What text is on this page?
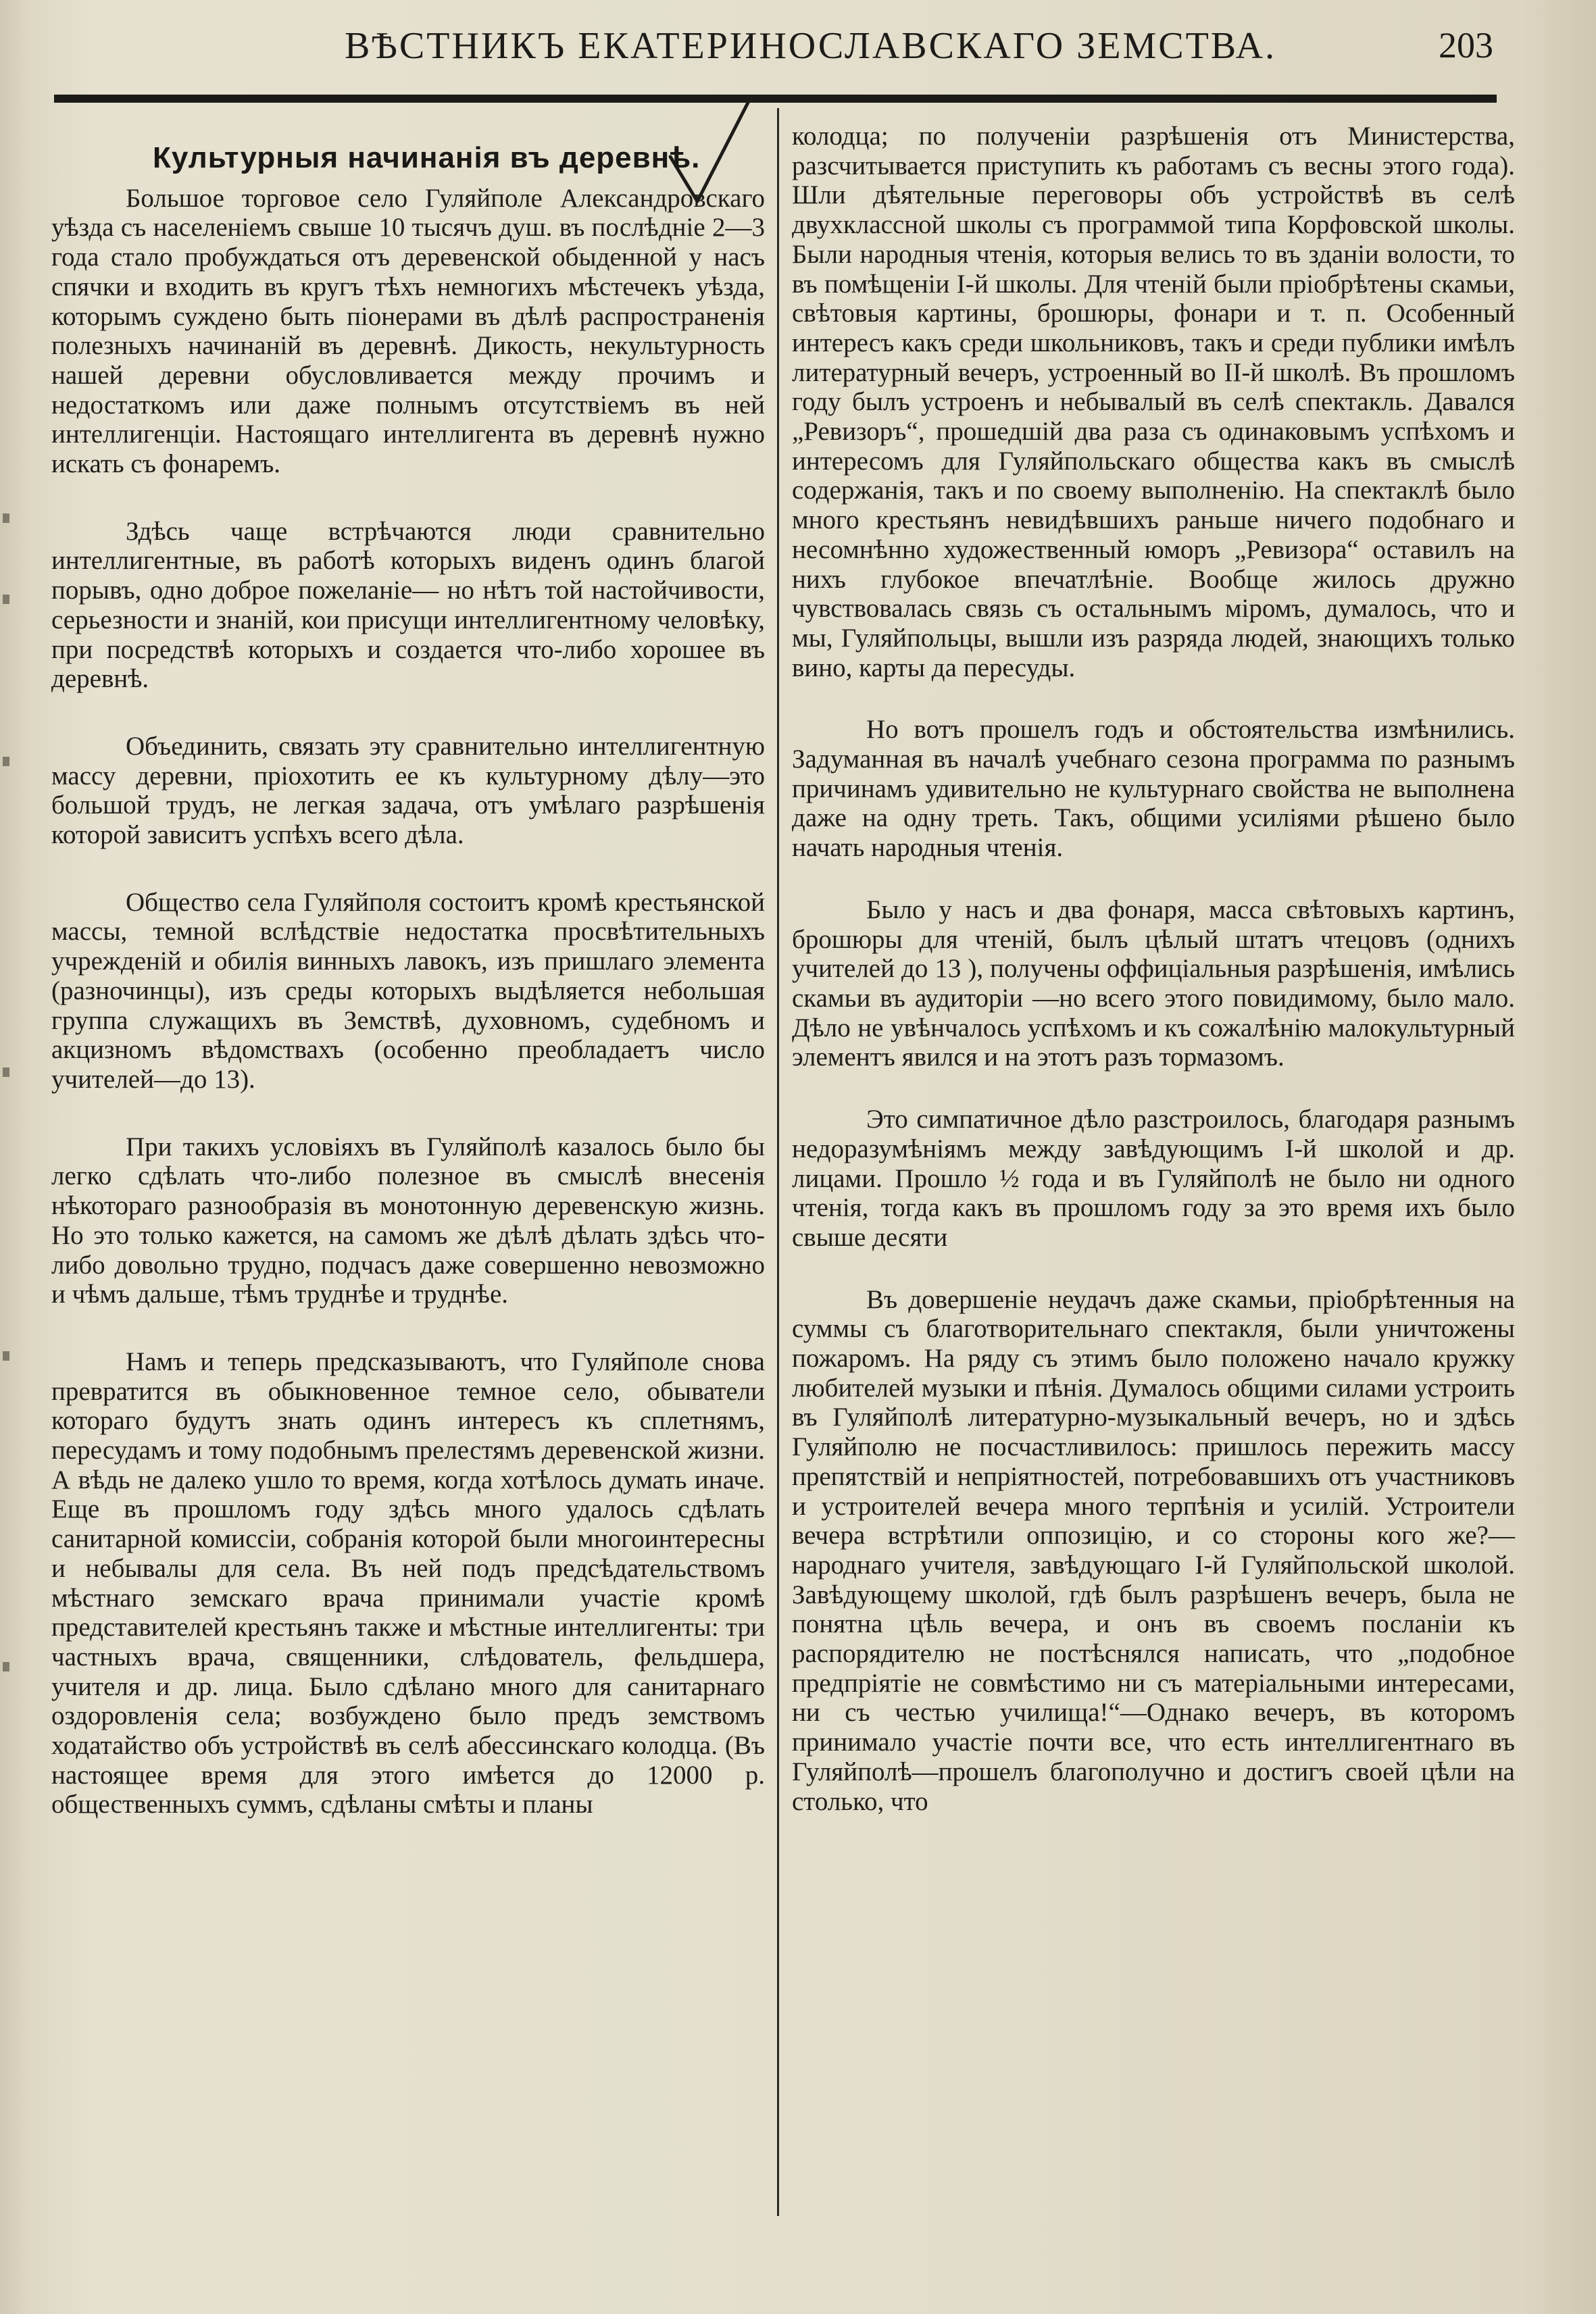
ВѢСТНИКЪ ЕКАТЕРИНОСЛАВСКАГО ЗЕМСТВА.	203
Культурныя начинанія въ деревнѣ.

Большое торговое село Гуляйполе Александровскаго уѣзда съ населеніемъ свыше 10 тысячъ душ. въ послѣдніе 2—3 года стало пробуждаться отъ деревенской обыденной у насъ спячки и входить въ кругъ тѣхъ немногихъ мѣстечекъ уѣзда, которымъ суждено быть піонерами въ дѣлѣ распространенія полезныхъ начинаній въ деревнѣ. Дикость, некультурность нашей деревни обусловливается между прочимъ и недостаткомъ или даже полнымъ отсутствіемъ въ ней интеллигенціи. Настоящаго интеллигента въ деревнѣ нужно искать съ фонаремъ.

Здѣсь чаще встрѣчаются люди сравнительно интеллигентные, въ работѣ которыхъ виденъ одинъ благой порывъ, одно доброе пожеланіе— но нѣтъ той настойчивости, серьезности и знаній, кои присущи интеллигентному человѣку, при посредствѣ которыхъ и создается что-либо хорошее въ деревнѣ.

Объединить, связать эту сравнительно интеллигентную массу деревни, пріохотить ее къ культурному дѣлу—это большой трудъ, не легкая задача, отъ умѣлаго разрѣшенія которой зависитъ успѣхъ всего дѣла.

Общество села Гуляйполя состоитъ кромѣ крестьянской массы, темной вслѣдствіе недостатка просвѣтительныхъ учрежденій и обилія винныхъ лавокъ, изъ пришлаго элемента (разночинцы), изъ среды которыхъ выдѣляется небольшая группа служащихъ въ Земствѣ, духовномъ, судебномъ и акцизномъ вѣдомствахъ (особенно преобладаетъ число учителей—до 13).

При такихъ условіяхъ въ Гуляйполѣ казалось было бы легко сдѣлать что-либо полезное въ смыслѣ внесенія нѣкотораго разнообразія въ монотонную деревенскую жизнь. Но это только кажется, на самомъ же дѣлѣ дѣлать здѣсь что-либо довольно трудно, подчасъ даже совершенно невозможно и чѣмъ дальше, тѣмъ труднѣе и труднѣе.

Намъ и теперь предсказываютъ, что Гуляйполе снова превратится въ обыкновенное темное село, обыватели котораго будутъ знать одинъ интересъ къ сплетнямъ, пересудамъ и тому подобнымъ прелестямъ деревенской жизни. А вѣдь не далеко ушло то время, когда хотѣлось думать иначе. Еще въ прошломъ году здѣсь много удалось сдѣлать санитарной комиссіи, собранія которой были многоинтересны и небывалы для села. Въ ней подъ предсѣдательствомъ мѣстнаго земскаго врача принимали участіе кромѣ представителей крестьянъ также и мѣстные интеллигенты: три частныхъ врача, священники, слѣдователь, фельдшера, учителя и др. лица. Было сдѣлано много для санитарнаго оздоровленія села; возбуждено было предъ земствомъ ходатайство объ устройствѣ въ селѣ абессинскаго колодца. (Въ настоящее время для этого имѣется до 12000 р. общественныхъ суммъ, сдѣланы смѣты и планы

колодца; по полученіи разрѣшенія отъ Министерства, разсчитывается приступить къ работамъ съ весны этого года). Шли дѣятельные переговоры объ устройствѣ въ селѣ двухклассной школы съ программой типа Корфовской школы. Были народныя чтенія, которыя велись то въ зданіи волости, то въ помѣщеніи I-й школы. Для чтеній были пріобрѣтены скамьи, свѣтовыя картины, брошюры, фонари и т. п. Особенный интересъ какъ среди школьниковъ, такъ и среди публики имѣлъ литературный вечеръ, устроенный во II-й школѣ. Въ прошломъ году былъ устроенъ и небывалый въ селѣ спектакль. Давался „Ревизоръ“, прошедшій два раза съ одинаковымъ успѣхомъ и интересомъ для Гуляйпольскаго общества какъ въ смыслѣ содержанія, такъ и по своему выполненію. На спектаклѣ было много крестьянъ невидѣвшихъ раньше ничего подобнаго и несомнѣнно художественный юморъ „Ревизора“ оставилъ на нихъ глубокое впечатлѣніе. Вообще жилось дружно чувствовалась связь съ остальнымъ міромъ, думалось, что и мы, Гуляйпольцы, вышли изъ разряда людей, знающихъ только вино, карты да пересуды.

Но вотъ прошелъ годъ и обстоятельства измѣнились. Задуманная въ началѣ учебнаго сезона программа по разнымъ причинамъ удивительно не культурнаго свойства не выполнена даже на одну треть. Такъ, общими усиліями рѣшено было начать народныя чтенія.

Было у насъ и два фонаря, масса свѣтовыхъ картинъ, брошюры для чтеній, былъ цѣлый штатъ чтецовъ (однихъ учителей до 13 ), получены оффиціальныя разрѣшенія, имѣлись скамьи въ аудиторіи —но всего этого повидимому, было мало. Дѣло не увѣнчалось успѣхомъ и къ сожалѣнію малокультурный элементъ явился и на этотъ разъ тормазомъ.

Это симпатичное дѣло разстроилось, благодаря разнымъ недоразумѣніямъ между завѣдующимъ I-й школой и др. лицами. Прошло ½ года и въ Гуляйполѣ не было ни одного чтенія, тогда какъ въ прошломъ году за это время ихъ было свыше десяти

Въ довершеніе неудачъ даже скамьи, пріобрѣтенныя на суммы съ благотворительнаго спектакля, были уничтожены пожаромъ. На ряду съ этимъ было положено начало кружку любителей музыки и пѣнія. Думалось общими силами устроить въ Гуляйполѣ литературно-музыкальный вечеръ, но и здѣсь Гуляйполю не посчастливилось: пришлось пережить массу препятствій и непріятностей, потребовавшихъ отъ участниковъ и устроителей вечера много терпѣнія и усилій. Устроители вечера встрѣтили оппозицію, и со стороны кого же?— народнаго учителя, завѣдующаго I-й Гуляйпольской школой. Завѣдующему школой, гдѣ былъ разрѣшенъ вечеръ, была не понятна цѣль вечера, и онъ въ своемъ посланіи къ распорядителю не постѣснялся написать, что „подобное предпріятіе не совмѣстимо ни съ матеріальными интересами, ни съ честью училища!“—Однако вечеръ, въ которомъ принимало участіе почти все, что есть интеллигентнаго въ Гуляйполѣ—прошелъ благополучно и достигъ своей цѣли на столько, что
